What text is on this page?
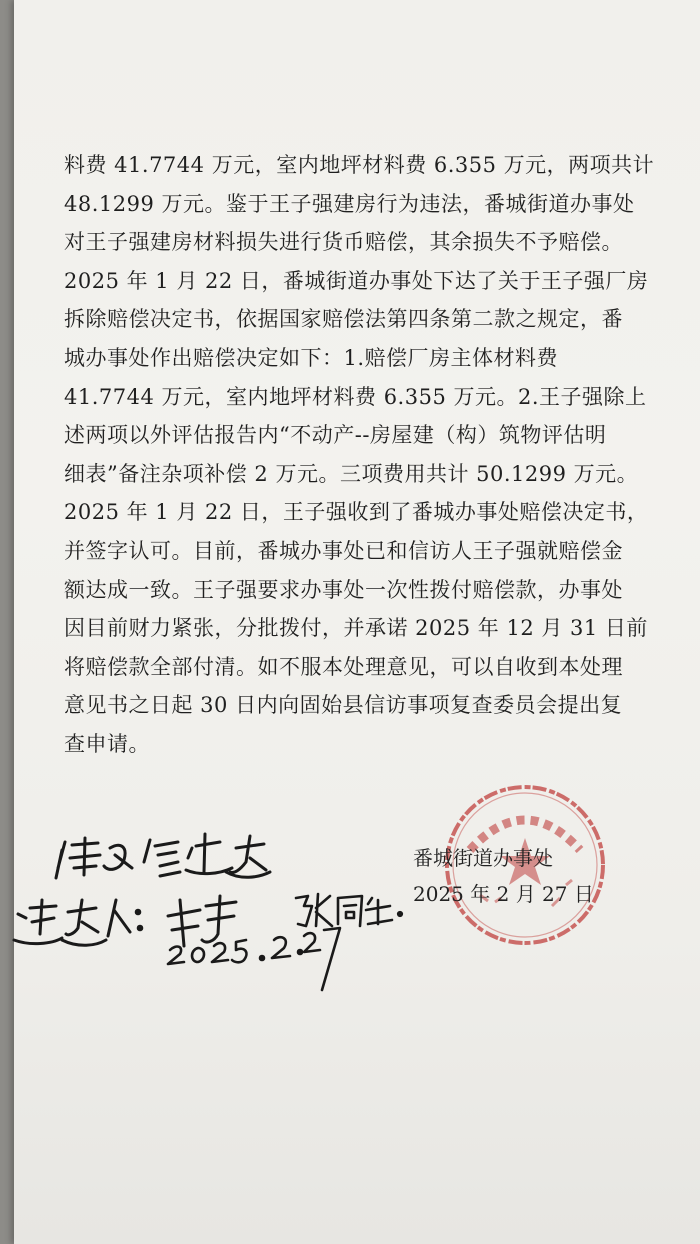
料费 41.7744 万元，室内地坪材料费 6.355 万元，两项共计
48.1299 万元。鉴于王子强建房行为违法，番城街道办事处
对王子强建房材料损失进行货币赔偿，其余损失不予赔偿。
2025 年 1 月 22 日，番城街道办事处下达了关于王子强厂房
拆除赔偿决定书，依据国家赔偿法第四条第二款之规定，番
城办事处作出赔偿决定如下：1.赔偿厂房主体材料费
41.7744 万元，室内地坪材料费 6.355 万元。2.王子强除上
述两项以外评估报告内“不动产--房屋建（构）筑物评估明
细表”备注杂项补偿 2 万元。三项费用共计 50.1299 万元。
2025 年 1 月 22 日，王子强收到了番城办事处赔偿决定书，
并签字认可。目前，番城办事处已和信访人王子强就赔偿金
额达成一致。王子强要求办事处一次性拨付赔偿款，办事处
因目前财力紧张，分批拨付，并承诺 2025 年 12 月 31 日前
将赔偿款全部付清。如不服本处理意见，可以自收到本处理
意见书之日起 30 日内向固始县信访事项复查委员会提出复
查申请。
番城街道办事处
2025 年 2 月 27 日
